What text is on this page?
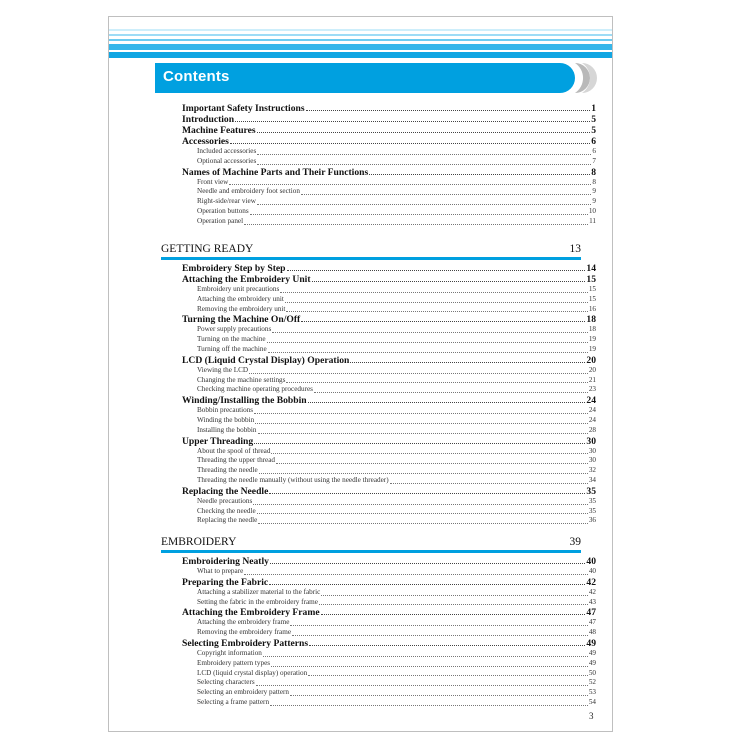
Contents
Important Safety Instructions	1
Introduction	5
Machine Features	5
Accessories	6
Included accessories	6
Optional accessories	7
Names of Machine Parts and Their Functions	8
Front view	8
Needle and embroidery foot section	9
Right-side/rear view	9
Operation buttons	10
Operation panel	11
GETTING READY	13
Embroidery Step by Step	14
Attaching the Embroidery Unit	15
Embroidery unit precautions	15
Attaching the embroidery unit	15
Removing the embroidery unit	16
Turning the Machine On/Off	18
Power supply precautions	18
Turning on the machine	19
Turning off the machine	19
LCD (Liquid Crystal Display) Operation	20
Viewing the LCD	20
Changing the machine settings	21
Checking machine operating procedures	23
Winding/Installing the Bobbin	24
Bobbin precautions	24
Winding the bobbin	24
Installing the bobbin	28
Upper Threading	30
About the spool of thread	30
Threading the upper thread	30
Threading the needle	32
Threading the needle manually (without using the needle threader)	34
Replacing the Needle	35
Needle precautions	35
Checking the needle	35
Replacing the needle	36
EMBROIDERY	39
Embroidering Neatly	40
What to prepare	40
Preparing the Fabric	42
Attaching a stabilizer material to the fabric	42
Setting the fabric in the embroidery frame	43
Attaching the Embroidery Frame	47
Attaching the embroidery frame	47
Removing the embroidery frame	48
Selecting Embroidery Patterns	49
Copyright information	49
Embroidery pattern types	49
LCD (liquid crystal display) operation	50
Selecting characters	52
Selecting an embroidery pattern	53
Selecting a frame pattern	54
3
